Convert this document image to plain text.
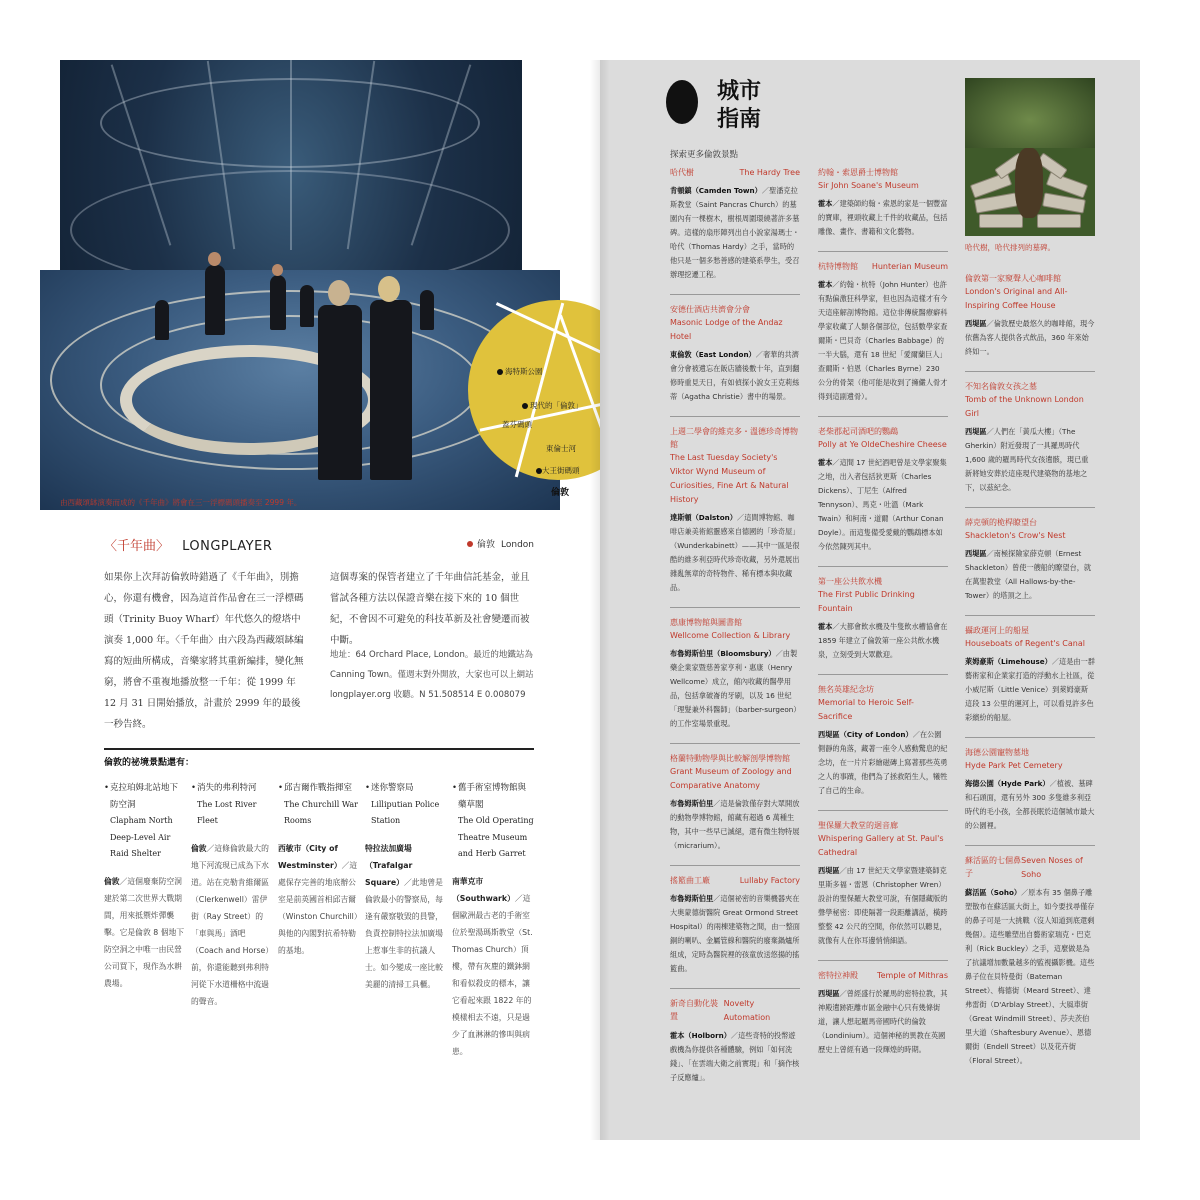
海特斯公園
現代的「倫敦」
蓋芬碼頭
東倫士河
大王街碼頭
倫敦
由西藏頌缽演奏而成的《千年曲》將會在三一浮標碼頭播奏至 2999 年。
〈千年曲〉 LONGPLAYER	倫敦 London
如果你上次拜訪倫敦時錯過了《千年曲》，別擔心，你還有機會，因為這首作品會在三一浮標碼頭（Trinity Buoy Wharf）年代悠久的燈塔中演奏 1,000 年。〈千年曲〉由六段為西藏頌缽編寫的短曲所構成，音樂家將其重新編排，變化無窮，將會不重複地播放整一千年：從 1999 年 12 月 31 日開始播放，計畫於 2999 年的最後一秒告終。
這個專案的保管者建立了千年曲信託基金，並且嘗試各種方法以保證音樂在接下來的 10 個世紀，不會因不可避免的科技革新及社會變遷而被中斷。
地址：64 Orchard Place, London。最近的地鐵站為 Canning Town。僅週末對外開放，大家也可以上網站 longplayer.org 收聽。N 51.508514 E 0.008079
倫敦的祕境景點還有：
• 克拉珀姆北站地下防空洞
Clapham North Deep-Level Air Raid Shelter
倫敦／這個廢棄防空洞建於第二次世界大戰期間，用來抵禦炸彈襲擊。它是倫敦 8 個地下防空洞之中唯一由民營公司買下，現作為水耕農場。
• 消失的弗利特河
The Lost River Fleet
倫敦／這條倫敦最大的地下河流現已成為下水道。站在克勒肯維爾區（Clerkenwell）雷伊街（Ray Street）的「車與馬」酒吧（Coach and Horse）前，你還能聽到弗利特河從下水道柵格中流過的聲音。
• 邱吉爾作戰指揮室
The Churchill War Rooms
西敏市（City of Westminster）／這處保存完善的地底辦公室是前英國首相邱吉爾（Winston Churchill）與他的內閣對抗希特勒的基地。
• 迷你警察局
Lilliputian Police Station
特拉法加廣場（Trafalgar Square）／此地曾是倫敦最小的警察局，每逢有嚴察敬毀的員警，負責控制特拉法加廣場上惹事生非的抗議人士。如今變成一座比較美麗的清掃工具櫃。
• 舊手術室博物館與藥草閣
The Old Operating Theatre Museum and Herb Garret
南華克市（Southwark）／這個歐洲最古老的手術室位於聖湯瑪斯教堂（St. Thomas Church）頂樓，帶有灰塵的鐵鉢網和看似殺皮的標本，讓它看起來跟 1822 年的模樣相去不遠，只是過少了血淋淋的慘叫與病患。
城市指南
探索更多倫敦景點
哈代樹，哈代排列的墓碑。
哈代樹	The Hardy Tree
肯頓鎮（Camden Town）／聖潘克拉斯教堂（Saint Pancras Church）的墓園內有一棵樹木，樹根周圍環繞著許多墓碑。這樣的扇形陣列出自小說家湯瑪士・哈代（Thomas Hardy）之手，當時的他只是一個多愁善感的建築系學生，受召辦理挖遷工程。
安德仕酒店共濟會分會
Masonic Lodge of the Andaz Hotel
東倫敦（East London）／奢華的共濟會分會被遺忘在飯店牆後數十年，直到翻修時重見天日，有如偵探小說女王克莉絲蒂（Agatha Christie）書中的場景。
上週二學會的維克多・溫德珍奇博物館
The Last Tuesday Society's Viktor Wynd Museum of Curiosities, Fine Art & Natural History
達斯頓（Dalston）／這間博物館、咖啡店兼美術館靈感來自德國的「珍奇屋」（Wunderkabinett）——其中一區是很酷的維多利亞時代珍奇收藏，另外還展出雜亂無章的奇特物件、稀有標本與收藏品。
惠康博物館與圖書館
Wellcome Collection & Library
布魯姆斯伯里（Bloomsbury）／由製藥企業家暨慈善家亨利・惠康（Henry Wellcome）成立，館內收藏的醫學用品，包括拿破崙的牙刷，以及 16 世紀「理髮兼外科醫師」（barber-surgeon）的工作室場景重現。
格蘭特動物學與比較解剖學博物館
Grant Museum of Zoology and Comparative Anatomy
布魯姆斯伯里／這是倫敦僅存對大眾開放的動物學博物館，館藏有超過 6 萬種生物，其中一些早已滅絕，還有微生物特展（micrarium）。
搖籃曲工廠	Lullaby Factory
布魯姆斯伯里／這個祕密的音樂機器夾在大奧蒙德街醫院 Great Ormond Street Hospital）的兩棟建築物之間，由一整面銅的喇叭、金屬管線和醫院的廢棄鍋爐所組成，定時為醫院裡的孩童放送悠揚的搖籃曲。
新奇自動化裝置
Novelty Automation
霍本（Holborn）／這些奇特的投幣遊戲機為你提供各種體驗，例如「如何洗錢」、「在雲端大衛之前實現」和「摘作核子反應爐」。
約翰・索恩爵士博物館
Sir John Soane's Museum
霍本／建築師約翰・索恩的家是一個豐富的寶庫，裡頭收藏上千件的收藏品，包括雕像、畫作、書籍和文化藝物。
杭特博物館 Hunterian Museum
霍本／約翰・杭特（John Hunter）也許有點偏激狂科學家，但也因為這樣才有今天這座解剖博物館。這位非傳統醫療癖科學家收藏了人類各個部位，包括數學家查爾斯・巴貝奇（Charles Babbage）的一半大腦，還有 18 世紀「愛爾蘭巨人」查爾斯・伯恩（Charles Byrne）230 公分的骨架（他可能是收到了擁儼人骨才得到這副遺骨）。
老柴郡起司酒吧的鸚鵡
Polly at Ye OldeCheshire Cheese
霍本／這間 17 世紀酒吧曾是文學家聚集之地，出入者包括狄更斯（Charles Dickens）、丁尼生（Alfred Tennyson）、馬克・吐溫（Mark Twain）和柯南・道爾（Arthur Conan Doyle）。而這隻備受愛戴的鸚鵡標本如今依然陳列其中。
第一座公共飲水機
The First Public Drinking Fountain
霍本／大都會飲水機及牛隻飲水槽協會在 1859 年建立了倫敦第一座公共飲水機泉，立刻受到大眾歡迎。
無名英雄紀念坊
Memorial to Heroic Self-Sacrifice
西堤區（City of London）／在公園側靜的角落，藏著一座令人感動驚息的紀念坊，在一片片彩繪磁磚上寫著那些英勇之人的事蹟，他們為了拯救陌生人，犧牲了自己的生命。
聖保羅大教堂的迴音廊
Whispering Gallery at St. Paul's Cathedral
西堤區／由 17 世紀天文學家暨建築師克里斯多福・雷恩（Christopher Wren）設計的聖保羅大教堂可說，有個隱藏版的聲學秘密：即使隔著一段距離講話，橫跨整整 42 公尺的空間，你依然可以聽見，就像有人在你耳邊悄悄細語。
密特拉神殿 Temple of Mithras
西堤區／曾經盛行於羅馬的密特拉教，其神殿遺跡距離市區金融中心只有幾條街道，讓人想起羅馬帝國時代的倫敦（Londinium）。這個神秘的異教在英國歷史上曾經有過一段輝煌的時期。
倫敦第一家窺聲人心咖啡館
London's Original and All-Inspiring Coffee House
西堤區／倫敦歷史最悠久的咖啡館，現今依舊為客人提供各式飲品，360 年來始終如一。
不知名倫敦女孩之墓
Tomb of the Unknown London Girl
西堤區／人們在「黃瓜大樓」（The Gherkin）附近發現了一具羅馬時代 1,600 歲的羅馬時代女孩遺骸，現已重新將她安葬於這座現代建築物的基地之下，以茲紀念。
薛克頓的桅桿瞭望台
Shackleton's Crow's Nest
西堤區／南極探險家薛克頓（Ernest Shackleton）曾使一艘船的瞭望台，就在萬聖教堂（All Hallows-by-the-Tower）的塔頂之上。
攝政運河上的船屋
Houseboats of Regent's Canal
萊姆豪斯（Limehouse）／這是由一群藝術家和企業家打造的浮動水上社區，從小威尼斯（Little Venice）到萊姆豪斯這段 13 公里的運河上，可以看見許多色彩繽紛的船屋。
海德公園寵物墓地
Hyde Park Pet Cemetery
海德公園（Hyde Park）／植被、墓碑和石頭面，還有另外 300 多隻維多利亞時代的毛小孩，全都長眠於這個城市最大的公園裡。
蘇活區的七個鼻子
Seven Noses of Soho
蘇活區（Soho）／原本有 35 個鼻子雕塑散布在蘇活區大街上，如今要找尋僅存的鼻子可是一大挑戰（沒人知道到底還剩幾個）。這些雕塑出自藝術家瑞克・巴克利（Rick Buckley）之手，這麼做是為了抗議增加數量越多的監視攝影機。這些鼻子位在貝特曼街（Bateman Street）、梅德街（Meard Street）、達弗雷街（D'Arblay Street）、大風車街（Great Windmill Street）、莎夫茨伯里大道（Shaftesbury Avenue）、恩德爾街（Endell Street）以及花卉街（Floral Street）。
